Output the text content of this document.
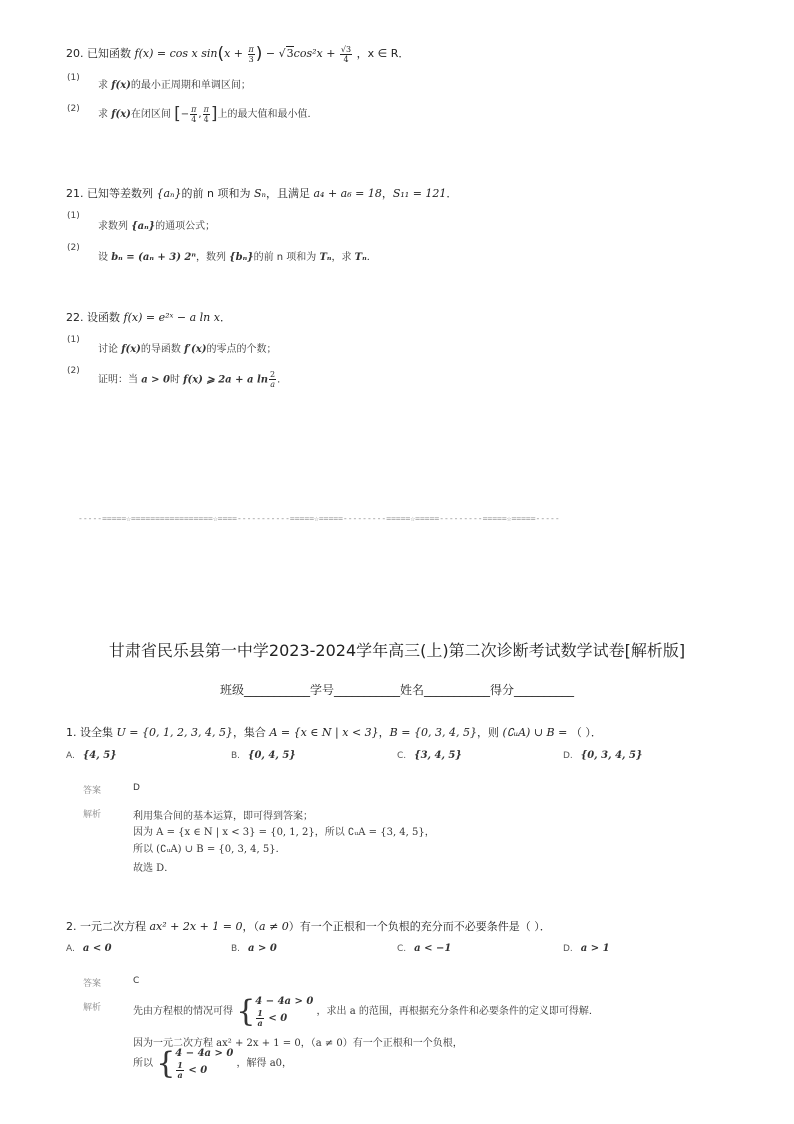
20. 已知函数 f(x) = cos x $\sin(x + \frac{\pi}{3}$ ) − $√3\cos^2x + \frac{√3}{4}$ ，x ∈ R．
(1)
求 f(x)的最小正周期和单调区间；
(2) 求 f(x)在闭区间 [− $\frac{\pi}{4}$ , $\frac{\pi}{4}$ ]上的最大值和最小值．
21. 已知等差数列 {aₙ}的前 n 项和为 Sₙ，且满足 a₄ + a₆ = 18，S₁₁ = 121．
(1)
求数列 {aₙ}的通项公式；
(2)
设 bₙ = (aₙ + 3) 2ⁿ，数列 {bₙ}的前 n 项和为 Tₙ，求 Tₙ．
22. 设函数 f(x) = e²ˣ − a ln x．
(1)
讨论 f(x)的导函数 f′(x)的零点的个数；
(2)
证明：当 a > 0时 f(x) ⩾ 2a + a $\ln \frac{2}{a}$ ．
-----=====☆=================☆====-----------=====☆=====---------=====☆=====---------=====☆=====-----
甘肃省民乐县第一中学2023-2024学年高三(上)第二次诊断考试数学试卷[解析版]
班级___________学号___________姓名___________得分__________
1. 设全集 U = {0, 1, 2, 3, 4, 5}，集合 A = {x ∈ N | x < 3}，B = {0, 3, 4, 5}，则 (∁ᵤA) ∪ B = （ ）．
A. {4, 5}	B. {0, 4, 5}	C. {3, 4, 5}	D. {0, 3, 4, 5}
答案	D
解析	利用集合间的基本运算，即可得到答案；
因为 A = {x ∈ N | x < 3} = {0, 1, 2}，所以 ∁ᵤA = {3, 4, 5}，
所以 (∁ᵤA) ∪ B = {0, 3, 4, 5}．
故选 D．
2. 一元二次方程 ax² + 2x + 1 = 0，（a ≠ 0）有一个正根和一个负根的充分而不必要条件是（ ）．
A. a < 0	B. a > 0	C. a < −1	D. a > 1
答案	C
解析	先由方程根的情况可得 {4 − 4a > 0

$\frac{1}{a} < 0$ ，求出 a 的范围，再根据充分条件和必要条件的定义即可得解．
因为一元二次方程 ax² + 2x + 1 = 0，（a ≠ 0）有一个正根和一个负根，
所以 {4 − 4a > 0

$\frac{1}{a} < 0$ ，解得 a0，
